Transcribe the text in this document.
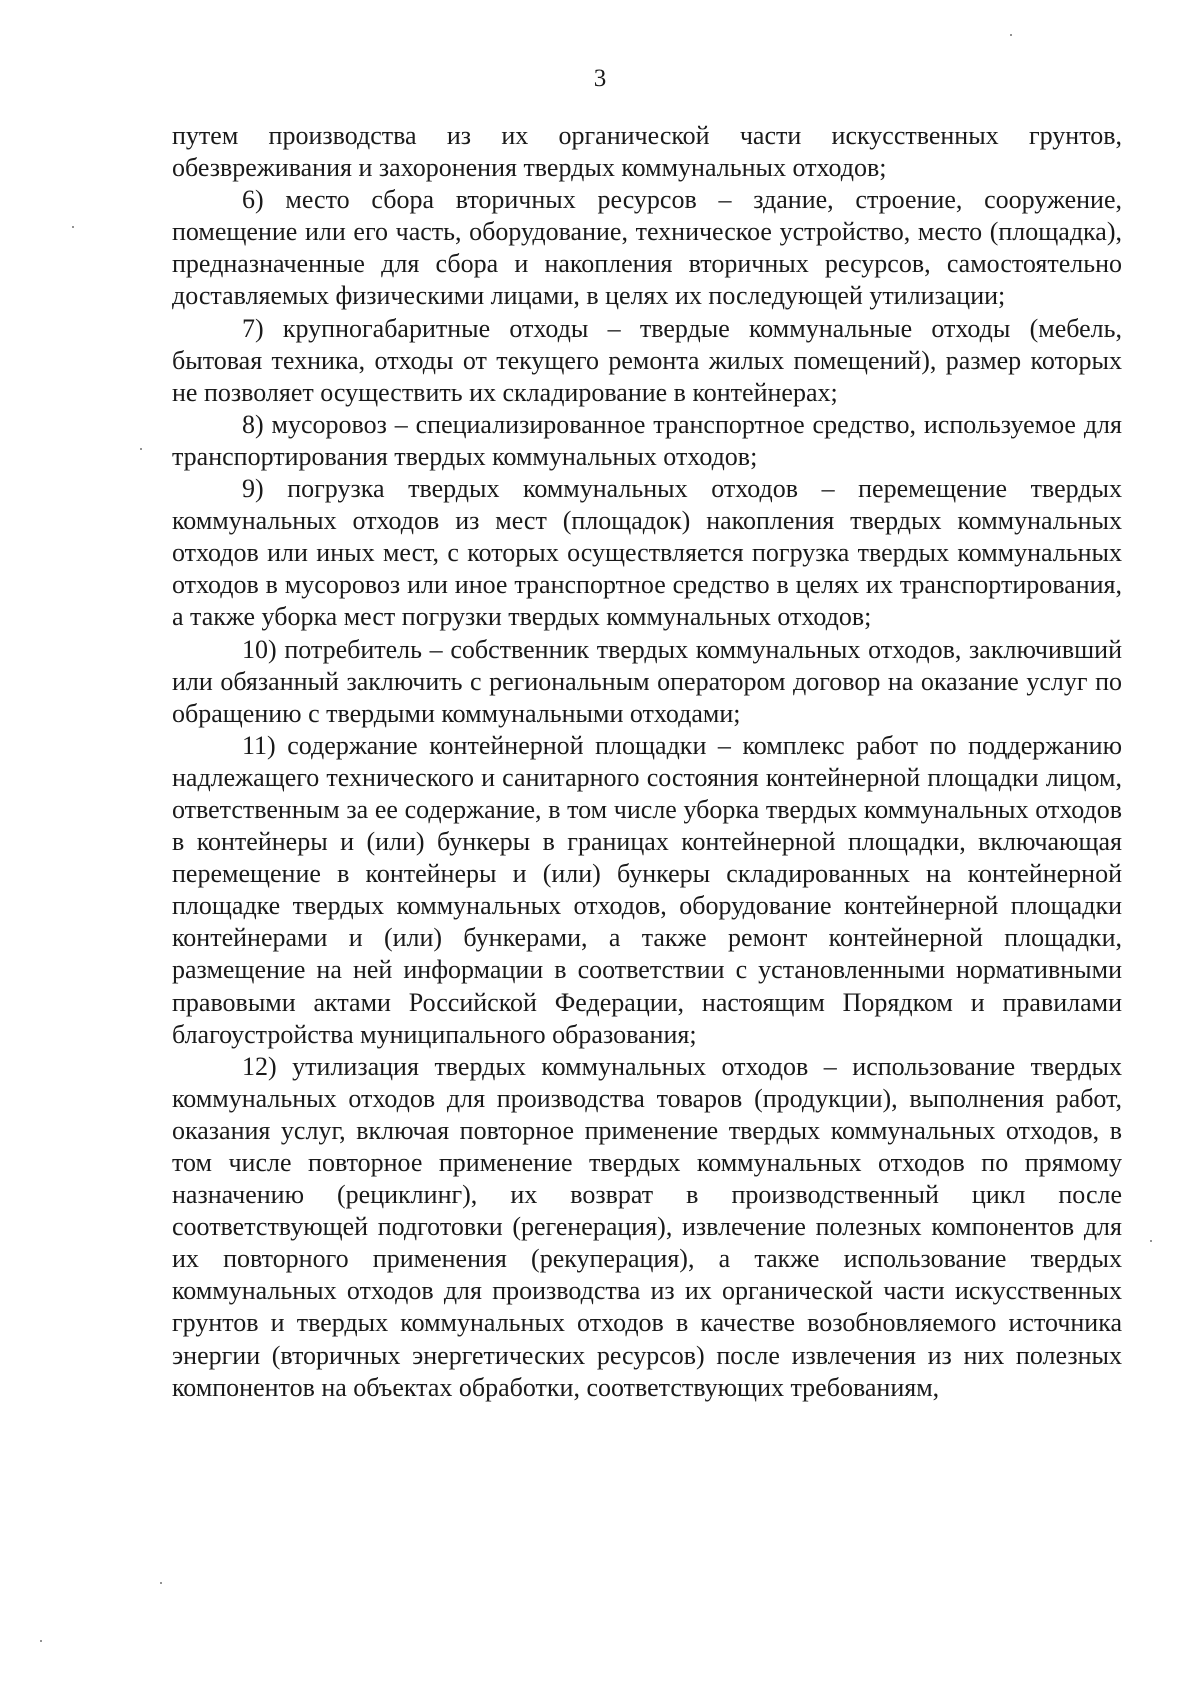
3

путем производства из их органической части искусственных грунтов, обезвреживания и захоронения твердых коммунальных отходов;

6) место сбора вторичных ресурсов – здание, строение, сооружение, помещение или его часть, оборудование, техническое устройство, место (площадка), предназначенные для сбора и накопления вторичных ресурсов, самостоятельно доставляемых физическими лицами, в целях их последующей утилизации;

7) крупногабаритные отходы – твердые коммунальные отходы (мебель, бытовая техника, отходы от текущего ремонта жилых помещений), размер которых не позволяет осуществить их складирование в контейнерах;

8) мусоровоз – специализированное транспортное средство, используемое для транспортирования твердых коммунальных отходов;

9) погрузка твердых коммунальных отходов – перемещение твердых коммунальных отходов из мест (площадок) накопления твердых коммунальных отходов или иных мест, с которых осуществляется погрузка твердых коммунальных отходов в мусоровоз или иное транспортное средство в целях их транспортирования, а также уборка мест погрузки твердых коммунальных отходов;

10) потребитель – собственник твердых коммунальных отходов, заключивший или обязанный заключить с региональным оператором договор на оказание услуг по обращению с твердыми коммунальными отходами;

11) содержание контейнерной площадки – комплекс работ по поддержанию надлежащего технического и санитарного состояния контейнерной площадки лицом, ответственным за ее содержание, в том числе уборка твердых коммунальных отходов в контейнеры и (или) бункеры в границах контейнерной площадки, включающая перемещение в контейнеры и (или) бункеры складированных на контейнерной площадке твердых коммунальных отходов, оборудование контейнерной площадки контейнерами и (или) бункерами, а также ремонт контейнерной площадки, размещение на ней информации в соответствии с установленными нормативными правовыми актами Российской Федерации, настоящим Порядком и правилами благоустройства муниципального образования;

12) утилизация твердых коммунальных отходов – использование твердых коммунальных отходов для производства товаров (продукции), выполнения работ, оказания услуг, включая повторное применение твердых коммунальных отходов, в том числе повторное применение твердых коммунальных отходов по прямому назначению (рециклинг), их возврат в производственный цикл после соответствующей подготовки (регенерация), извлечение полезных компонентов для их повторного применения (рекуперация), а также использование твердых коммунальных отходов для производства из их органической части искусственных грунтов и твердых коммунальных отходов в качестве возобновляемого источника энергии (вторичных энергетических ресурсов) после извлечения из них полезных компонентов на объектах обработки, соответствующих требованиям,
